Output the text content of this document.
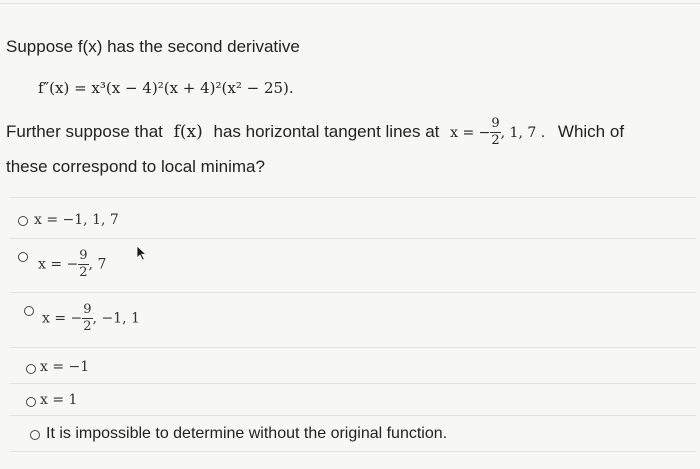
Suppose f(x) has the second derivative
f″(x) = x³(x − 4)²(x + 4)²(x² − 25).
Further suppose that f(x) has horizontal tangent lines at x = − $\frac{9}{2}$ , 1, 7 . Which of
these correspond to local minima?
x = −1, 1, 7
x = − $\frac{9}{2}$ , 7
x = − $\frac{9}{2}$ , −1, 1
x = −1
x = 1
It is impossible to determine without the original function.
